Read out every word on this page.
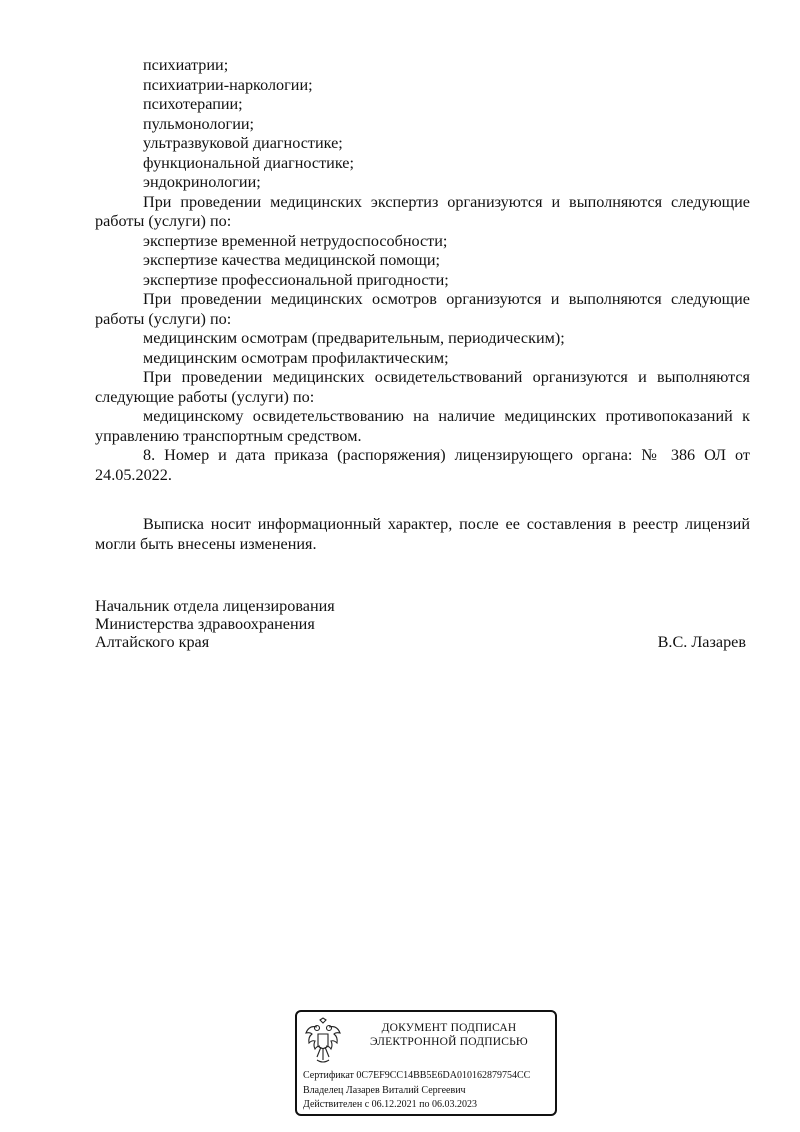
психиатрии;
психиатрии-наркологии;
психотерапии;
пульмонологии;
ультразвуковой диагностике;
функциональной диагностике;
эндокринологии;
При проведении медицинских экспертиз организуются и выполняются следующие
работы (услуги) по:
экспертизе временной нетрудоспособности;
экспертизе качества медицинской помощи;
экспертизе профессиональной пригодности;
При проведении медицинских осмотров организуются и выполняются следующие
работы (услуги) по:
медицинским осмотрам (предварительным, периодическим);
медицинским осмотрам профилактическим;
При проведении медицинских освидетельствований организуются и выполняются
следующие работы (услуги) по:
медицинскому освидетельствованию на наличие медицинских противопоказаний к
управлению транспортным средством.
8. Номер и дата приказа (распоряжения) лицензирующего органа: № 386 ОЛ от
24.05.2022.
Выписка носит информационный характер, после ее составления в реестр лицензий
могли быть внесены изменения.
Начальник отдела лицензирования
Министерства здравоохранения
Алтайского края	В.С. Лазарев
ДОКУМЕНТ ПОДПИСАН
ЭЛЕКТРОННОЙ ПОДПИСЬЮ
Сертификат 0C7EF9CC14BB5E6DA010162879754CC
Владелец Лазарев Виталий Сергеевич
Действителен с 06.12.2021 по 06.03.2023
